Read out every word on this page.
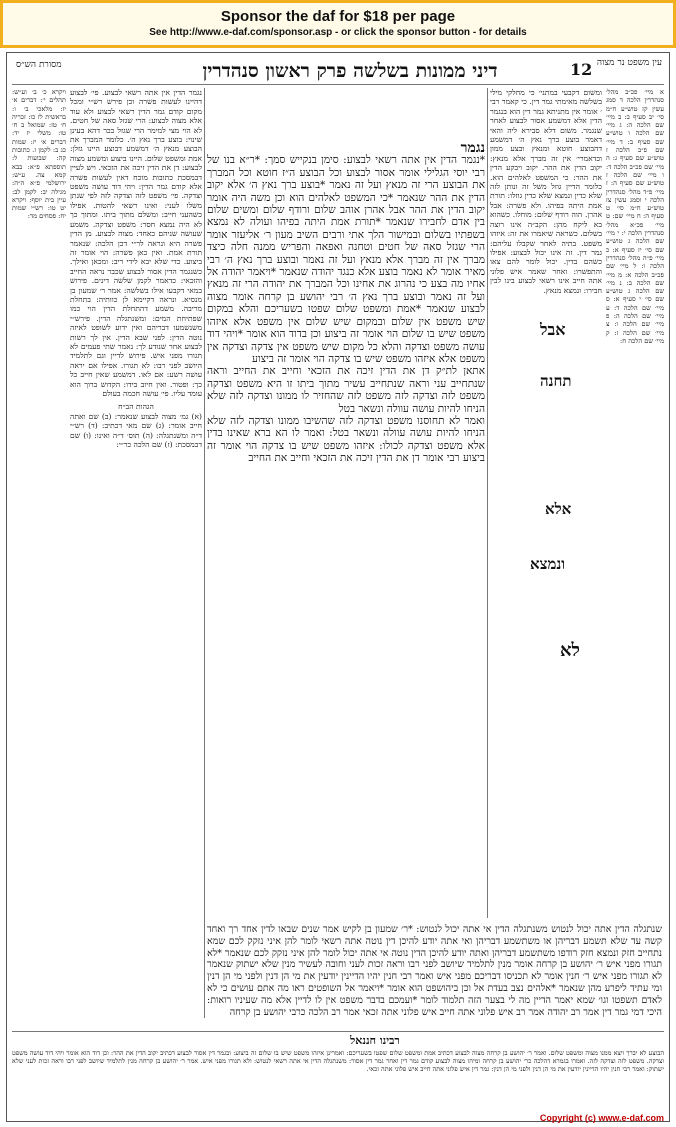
Sponsor the daf for $18 per page
See http://www.e-daf.com/sponsor.asp - or click the sponsor button - for details
12
דיני ממונות בשלשה פרק ראשון סנהדרין	עין משפט נר מצוה
מסורת הש״ס

א מיי׳ פכ״ב מהל׳ סנהדרין הלכה ד סמג עשין קז טוש״ע ח״מ סי׳ יב סעיף ב: ב מיי׳ שם הלכה ה: ג מיי׳ שם הלכה ו טוש״ע שם סעיף ב: ד מיי׳ שם פ״ב הלכה ז טוש״ע שם סעיף ג: ה מיי׳ שם פכ״ב הלכה ד: ו מיי׳ שם הלכה ז טוש״ע שם סעיף ה: ז מיי׳ פ״ד מהל׳ סנהדרין הלכה י וסמג עשין צז טוש״ע ח״מ סי׳ ט סעיף ה: ח מיי׳ שם: ט מיי׳ פכ״א מהל׳ סנהדרין הלכה י: י מיי׳ שם הלכה ג טוש״ע שם סי׳ יז סעיף א: כ מיי׳ פ״ה מהל׳ סנהדרין הלכה ו: ל מיי׳ שם פכ״ב הלכה א: מ מיי׳ שם הלכה ב: נ מיי׳ שם הלכה ג טוש״ע שם סי׳ י סעיף א: ס מיי׳ שם הלכה ד: ע מיי׳ שם הלכה ה: פ מיי׳ שם הלכה ו: צ מיי׳ שם הלכה ז: ק מיי׳ שם הלכה ח:

ומשום דקבעי במתני׳ כי מחלקי מילי בשלשה מאימתי גמר דין. כי קאמר רבי ׳ אומר אין מתניתא גמר דין הוא בנגמר הדין אלא דמשמע אסור לבצוע לאחר שנגמר. משום דלא סבירא ליה והאי דאמר בוצע ברך נאץ ה׳ דמשמע דהבוצע חוטא ומנאץ ובצע ממון וכדאמרי׳ אין זה מברך אלא מנאץ: יקוב הדין את ההר. יקוב ויבקע הדין את ההר: כי המשפט לאלהים הוא. כלומר הדיין גוזל משל זה ונותן לזה שלא כדין ונמצא שלא כדין גוזלו: תורת אמת היתה בפיהו. ולא פשרה: אבל אהרן. הוה רודף שלום: מוחלו. כשהוא בא ליקח מהן: הקב״ה אינו רוצה בשלום. כשראה שיאמרו את זה: איזהו משפט. בתיה לאחר שקבלו עליהם: גמר דין. זה אינו יכול לבצוע: אפילו כשהם בדין. יכול לומר להם צאו והתפשרו: ואחר שאמר איש פלוני אתה חייב אינו רשאי לבצוע בינו לבין חבירו: ונמצא מנאץ.

נגמר

*נגמר הדין אין אתה רשאי לבצוע: סימן בנקייש סמך: *ר״א בנו של רבי יוסי הגלילי אומר אסור לבצוע וכל הבוצע ה״ז חוטא וכל המברך את הבוצע הרי זה מנאץ ועל זה נאמר *בוצע ברך נאץ ה׳ אלא יקוב הדין את ההר שנאמר *כי המשפט לאלהים הוא וכן משה היה אומר יקוב הדין את ההר אבל אהרן אוהב שלום ורודף שלום ומשים שלום בין אדם לחבירו שנאמר *תורת אמת היתה בפיהו ועולה לא נמצא בשפתיו בשלום ובמישור הלך אתי ורבים השיב מעון ר׳ אליעזר אומר הרי שגזל סאה של חטים וטחנה ואפאה והפריש ממנה חלה כיצד מברך אין זה מברך אלא מנאץ ועל זה נאמר ובוצע ברך נאץ ה׳ רבי מאיר אומר לא נאמר בוצע אלא כנגד יהודה שנאמר *ויאמר יהודה אל אחיו מה בצע כי נהרוג את אחינו וכל המברך את יהודה הרי זה מנאץ ועל זה נאמר ובוצע ברך נאץ ה׳ רבי יהושע בן קרחה אומר מצוה לבצוע שנאמר *אמת ומשפט שלום שפטו בשעריכם והלא במקום שיש משפט אין שלום ובמקום שיש שלום אין משפט אלא איזהו משפט שיש בו שלום הוי אומר זה ביצוע וכן בדוד הוא אומר *ויהי דוד עושה משפט וצדקה והלא כל מקום שיש משפט אין צדקה וצדקה אין משפט אלא איזהו משפט שיש בו צדקה הוי אומר זה ביצוע

אתאן לת״ק דן את הדין זיכה את הזכאי וחייב את החייב וראה שנתחייב עני וראה שנתחייב עשיר מתוך ביתו זו היא משפט וצדקה משפט לזה וצדקה לזה משפט לזה שהחזיר לו ממונו וצדקה לזה שלא הניחו להיות עושה עוולה ונשאר בטל

ואמר לא תחוסנו משפט וצדקה לזה שהשיבו ממונו וצדקה לזה שלא הניחו להיות עושה עוולה ונשאר בטל: ואמר לו הא ברא שאינו בדין אלא משפט וצדקה לכולו: איזהו משפט שיש בו צדקה הוי אומר זה ביצוע רבי אומר דן את הדין זיכה את הזכאי וחייב את החייב

נגמר הדין אין אתה רשאי לבצוע. פי׳ לבצוע דהיינו לעשות פשרה וכן פירש רש״י ומכל מקום קודם גמר הדין רשאי לבצוע ולא עוד אלא מצוה לבצוע: הרי שגזל סאה של חטים. לא הוי מצי למימר הרי שגזל ככר דהא בעינן שינוי: בוצע ברך נאץ ה׳. כלומר המברך את הבוצע מנאץ ה׳ דמשמע דבוצע היינו גזלן: אמת ומשפט שלום. היינו ביצוע ומשמע מצוה לבצוע: דן את הדין זיכה את הזכאי. ויש לעיין דבמסכת כתובות מוכח דאין לעשות פשרה אלא קודם גמר הדין: ויהי דוד עושה משפט וצדקה. פי׳ משפט לזה וצדקה לזה לפי שנתן משלו לעני: ואינו רשאי להטות. אפילו כשהעני חייב: ומשלם מתוך ביתו. ומתוך כך לא היה נמצא חסר: משפט וצדקה. משמע שעושה שניהם כאחד: מצוה לבצוע. מן הדין פשרה היא ונראה לר״י דכן הלכה: שנאמר תורת אמת. ואין כאן פשרה: הוי אומר זה ביצוע. כדי שלא יבא לידי ריב: ומכאן ואילך. כשנגמר הדין אסור לבצוע שכבר נראה החייב והזכאי: כדאמר לקמן שלשה דינים. פירוש במאי דקבעו אילו בשלשה: אמר ר׳ שמעון בן מנסיא. ונראה דקיימא לן כוותיה: בתחלת מריבה. משמע דהתחלת הדין הוי כמו שפתיחת המים: ומשנתגלה הדין. פירש״י משנשמעו דבריהם ואין ידוע לשופט לאיזה נוטה הדין: לפני שבא הדין. אין לך רשות לבצוע אחר שנודע לך: נאמר שתי פעמים לא תגורו מפני איש. פירוש לדיין וגם לתלמיד היושב לפני רבו: לא תגורו. אפילו אם יראה עושה רשע: אם לאו. דמשמע שאין חייב כל כך: ופטור. ואין חיוב בידו: הקדוש ברוך הוא עומד עליו. פי׳ עושה חכמה בעולם

הגהות הב״ח

(א) גמ׳ מצוה לבצוע שנאמר: (ב) שם ואתה חייב אומר: (ג) שם מאי דכתיב: (ד) רש״י ד״ה ומשנתגלה: (ה) תוס׳ ד״ה ואינו: (ו) שם דבמסכת: (ז) שם הלכה כר״י:

ויקרא כ׳ ב׳ וע״ש: תהלים י׳: דברים א׳ יז: מלאכי ב׳ ו: בראשית לז כו: זכריה ח׳ טז: שמואל ב ח׳ טו: משלי יז יד: דברים א׳ יז: שמות כג ב: לקמן ז. כתובות קה: שבועות ל: תוספתא פ״א: בבא קמא צה. ע״ש: ירושלמי פ״א ה״ה: מגילה יב: לקמן לב: עיין בית יוסף: ויקרא יט טו: רש״י שמות יח: פסחים מד:

אבל
תחנה
אלא
ונמצא
לא

שנתגלה הדין אתה יכול לנטוש משנתגלה הדין אי אתה יכול לנטוש: *ר׳ שמעון בן לקיש אמר שנים שבאו לדין אחד רך ואחד קשה עד שלא תשמע דבריהן או משתשמע דבריהן ואי אתה יודע להיכן דין נוטה אתה רשאי לומר להן איני נזקק לכם שמא נתחייב חזק ונמצא חזק רודפו משתשמע דבריהן ואתה יודע להיכן הדין נוטה אי אתה יכול לומר להן איני נזקק לכם שנאמר *לא תגורו מפני איש ר׳ יהושע בן קרחה אומר מנין לתלמיד שיושב לפני רבו וראה זכות לעני וחובה לעשיר מנין שלא ישתוק שנאמר לא תגורו מפני איש ר׳ חנין אומר לא תכניסו דבריכם מפני איש ואמר רבי חנין יהיו הדיינין יודעין את מי הן דנין ולפני מי הן דנין ומי עתיד ליפרע מהן שנאמר *אלהים נצב בעדת אל וכן ביהושפט הוא אומר *ויאמר אל השופטים ראו מה אתם עושים כי לא לאדם תשפטו וגו׳ שמא יאמר הדיין מה לי בצער הזה תלמוד לומר *ועמכם בדבר משפט אין לו לדיין אלא מה שעיניו רואות: היכי דמי גמר דין אמר רב יהודה אמר רב איש פלוני אתה חייב איש פלוני אתה זכאי אמר רב הלכה כרבי יהושע בן קרחה

רבינו חננאל

הבוצע לא יברך ויצא ממנו מצוה ומשפט שלום. ואמר ר׳ יהושע בן קרחה מצוה לבצוע דכתיב אמת ומשפט שלום שפטו בשעריכם: ואמרינן איזהו משפט שיש בו שלום זה ביצוע: ובגמר דין אסור לבצוע דכתיב יקוב הדין את ההר: וכן דוד הוא אומר ויהי דוד עושה משפט וצדקה. משפט לזה וצדקה לזה. ואמרו בגמרא דהלכה כר׳ יהושע בן קרחה ומיהו מצוה לבצוע קודם גמר דין ואחר גמר דין אסור: משנתגלה הדין אי אתה רשאי לנטוש: ולא תגורו מפני איש. אמר ר׳ יהושע בן קרחה מנין לתלמיד שיושב לפני רבו וראה זכות לעני שלא ישתוק: ואמר רבי חנין יהיו הדיינין יודעין את מי הן דנין ולפני מי הן דנין: גמר דין איש פלוני אתה חייב איש פלוני אתה זכאי.

Copyright (c) www.e-daf.com
